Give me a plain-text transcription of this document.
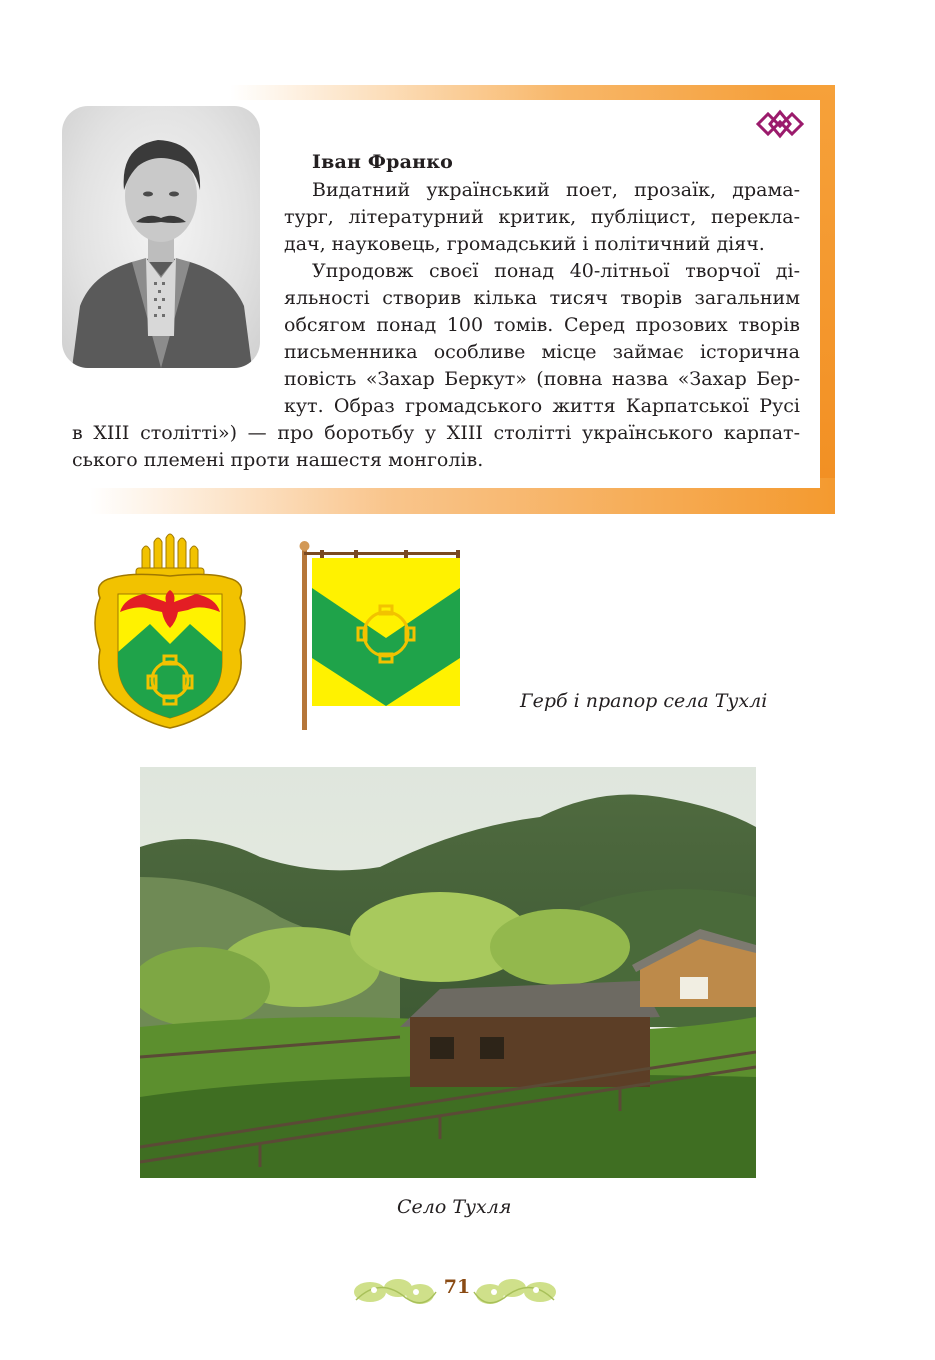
Іван Франко
Видатний український поет, прозаїк, драма-
тург, літературний критик, публіцист, перекла-
дач, науковець, громадський і політичний діяч.
Упродовж своєї понад 40-літньої творчої ді-
яльності створив кілька тисяч творів загальним
обсягом понад 100 томів. Серед прозових творів
письменника особливе місце займає історична
повість «Захар Беркут» (повна назва «Захар Бер-
кут. Образ громадського життя Карпатської Русі
в XIII столітті») — про боротьбу у XIII столітті українського карпат-
ського племені проти нашестя монголів.
Герб і прапор села Тухлі
Село Тухля
71
